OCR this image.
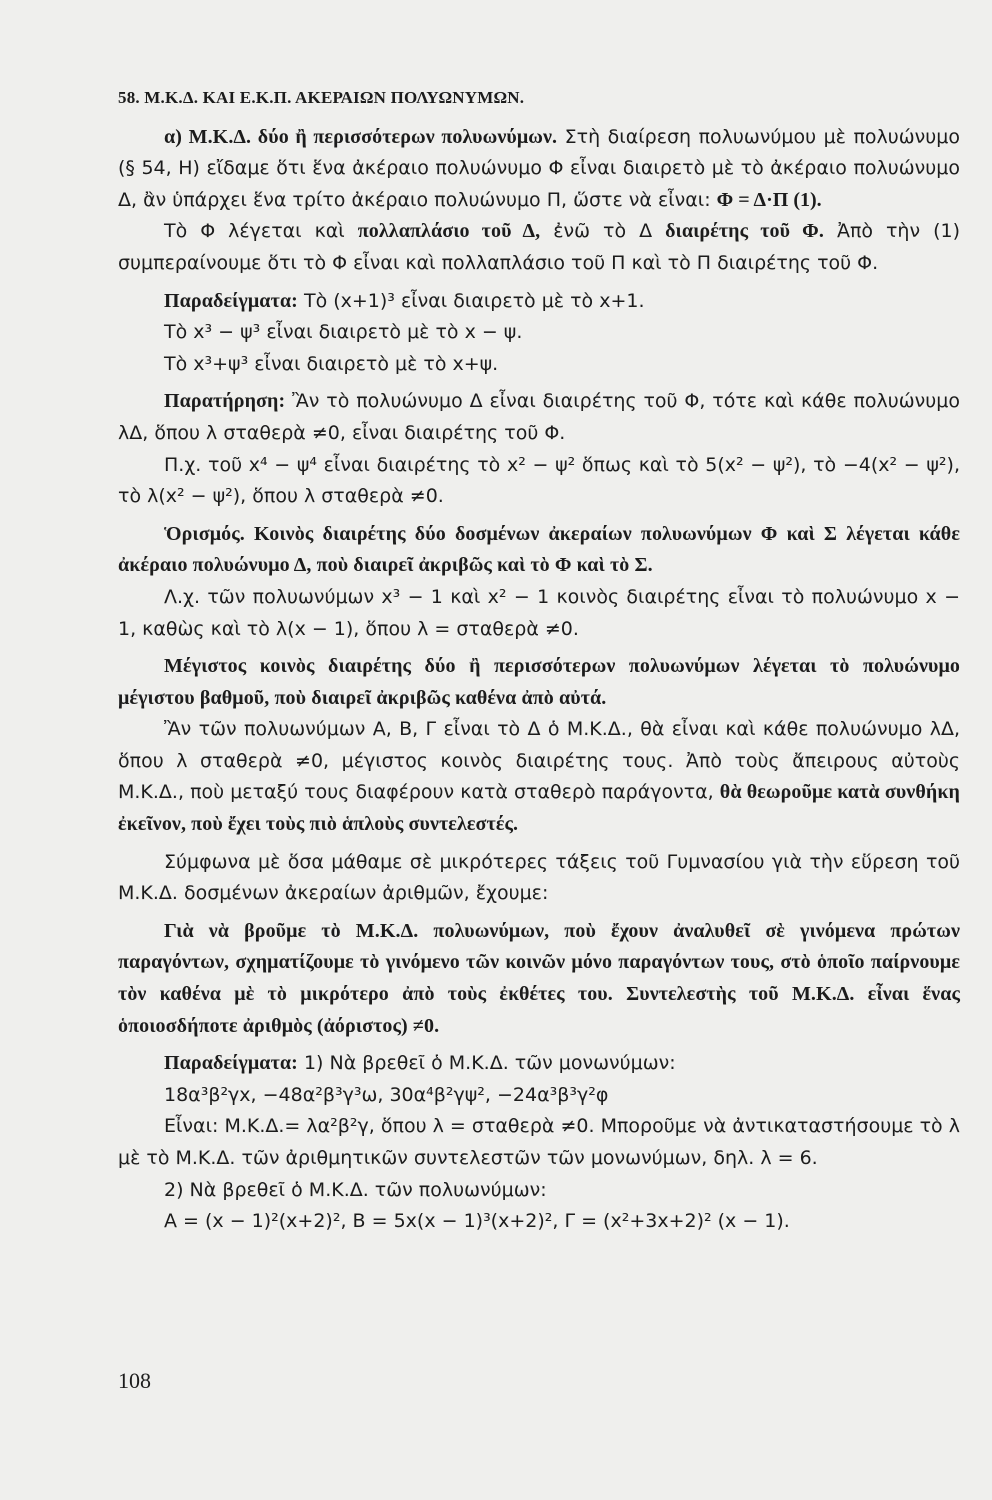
58. Μ.Κ.Δ. ΚΑΙ Ε.Κ.Π. ΑΚΕΡΑΙΩΝ ΠΟΛΥΩΝΥΜΩΝ.

α) Μ.Κ.Δ. δύο ἢ περισσότερων πολυωνύμων. Στὴ διαίρεση πολυωνύμου μὲ πολυώνυμο (§ 54, Η) εἴδαμε ὅτι ἕνα ἀκέραιο πολυώνυμο Φ εἶναι διαιρετὸ μὲ τὸ ἀκέραιο πολυώνυμο Δ, ἂν ὑπάρχει ἕνα τρίτο ἀκέραιο πολυώνυμο Π, ὥστε νὰ εἶναι: Φ = Δ·Π (1).

Τὸ Φ λέγεται καὶ πολλαπλάσιο τοῦ Δ, ἐνῶ τὸ Δ διαιρέτης τοῦ Φ. Ἀπὸ τὴν (1) συμπεραίνουμε ὅτι τὸ Φ εἶναι καὶ πολλαπλάσιο τοῦ Π καὶ τὸ Π διαιρέτης τοῦ Φ.

Παραδείγματα: Τὸ (x+1)³ εἶναι διαιρετὸ μὲ τὸ x+1.

Τὸ x³ − ψ³ εἶναι διαιρετὸ μὲ τὸ x − ψ.

Τὸ x³+ψ³ εἶναι διαιρετὸ μὲ τὸ x+ψ.

Παρατήρηση: Ἂν τὸ πολυώνυμο Δ εἶναι διαιρέτης τοῦ Φ, τότε καὶ κάθε πολυώνυμο λΔ, ὅπου λ σταθερὰ ≠0, εἶναι διαιρέτης τοῦ Φ.

Π.χ. τοῦ x⁴ − ψ⁴ εἶναι διαιρέτης τὸ x² − ψ² ὅπως καὶ τὸ 5(x² − ψ²), τὸ −4(x² − ψ²), τὸ λ(x² − ψ²), ὅπου λ σταθερὰ ≠0.

Ὁρισμός. Κοινὸς διαιρέτης δύο δοσμένων ἀκεραίων πολυωνύμων Φ καὶ Σ λέγεται κάθε ἀκέραιο πολυώνυμο Δ, ποὺ διαιρεῖ ἀκριβῶς καὶ τὸ Φ καὶ τὸ Σ.

Λ.χ. τῶν πολυωνύμων x³ − 1 καὶ x² − 1 κοινὸς διαιρέτης εἶναι τὸ πολυώνυμο x − 1, καθὼς καὶ τὸ λ(x − 1), ὅπου λ = σταθερὰ ≠0.

Μέγιστος κοινὸς διαιρέτης δύο ἢ περισσότερων πολυωνύμων λέγεται τὸ πολυώνυμο μέγιστου βαθμοῦ, ποὺ διαιρεῖ ἀκριβῶς καθένα ἀπὸ αὐτά.

Ἂν τῶν πολυωνύμων Α, Β, Γ εἶναι τὸ Δ ὁ Μ.Κ.Δ., θὰ εἶναι καὶ κάθε πολυώνυμο λΔ, ὅπου λ σταθερὰ ≠0, μέγιστος κοινὸς διαιρέτης τους. Ἀπὸ τοὺς ἄπειρους αὐτοὺς Μ.Κ.Δ., ποὺ μεταξύ τους διαφέρουν κατὰ σταθερὸ παράγοντα, θὰ θεωροῦμε κατὰ συνθήκη ἐκεῖνον, ποὺ ἔχει τοὺς πιὸ ἁπλοὺς συντελεστές.

Σύμφωνα μὲ ὅσα μάθαμε σὲ μικρότερες τάξεις τοῦ Γυμνασίου γιὰ τὴν εὕρεση τοῦ Μ.Κ.Δ. δοσμένων ἀκεραίων ἀριθμῶν, ἔχουμε:

Γιὰ νὰ βροῦμε τὸ Μ.Κ.Δ. πολυωνύμων, ποὺ ἔχουν ἀναλυθεῖ σὲ γινόμενα πρώτων παραγόντων, σχηματίζουμε τὸ γινόμενο τῶν κοινῶν μόνο παραγόντων τους, στὸ ὁποῖο παίρνουμε τὸν καθένα μὲ τὸ μικρότερο ἀπὸ τοὺς ἐκθέτες του. Συντελεστὴς τοῦ Μ.Κ.Δ. εἶναι ἕνας ὁποιοσδήποτε ἀριθμὸς (ἀόριστος) ≠0.

Παραδείγματα: 1) Νὰ βρεθεῖ ὁ Μ.Κ.Δ. τῶν μονωνύμων:

18α³β²γx, −48α²β³γ³ω, 30α⁴β²γψ², −24α³β³γ²φ

Εἶναι: Μ.Κ.Δ.= λα²β²γ, ὅπου λ = σταθερὰ ≠0. Μποροῦμε νὰ ἀντικαταστήσουμε τὸ λ μὲ τὸ Μ.Κ.Δ. τῶν ἀριθμητικῶν συντελεστῶν τῶν μονωνύμων, δηλ. λ = 6.

2) Νὰ βρεθεῖ ὁ Μ.Κ.Δ. τῶν πολυωνύμων:

Α = (x − 1)²(x+2)², Β = 5x(x − 1)³(x+2)², Γ = (x²+3x+2)² (x − 1).

108
